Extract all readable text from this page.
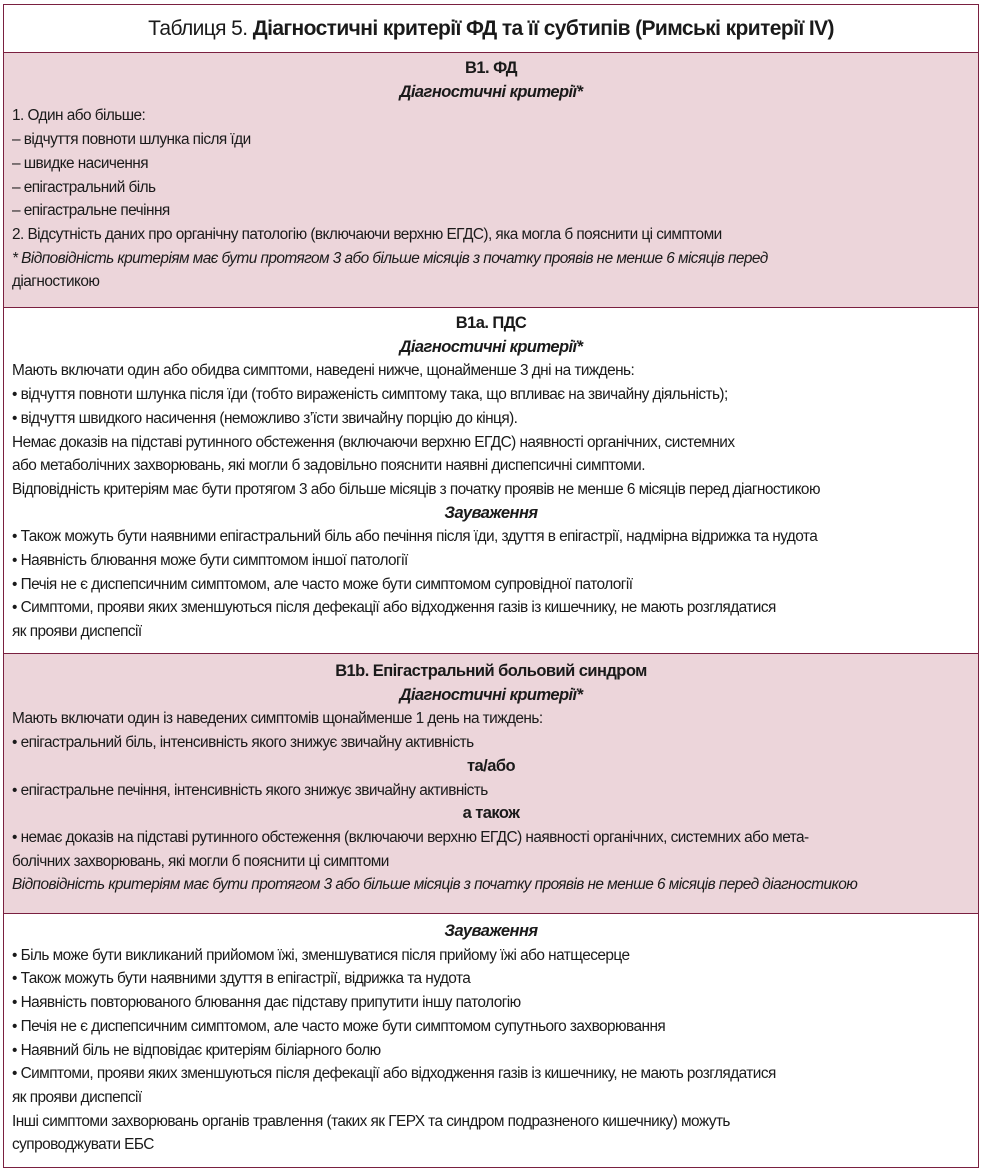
Таблиця 5.
Діагностичні критерії ФД та її субтипів (Римські критерії IV)
В1. ФД
Діагностичні критерії*
1. Один або більше:
– відчуття повноти шлунка після їди
– швидке насичення
– епігастральний біль
– епігастральне печіння
2. Відсутність даних про органічну патологію (включаючи верхню ЕГДС), яка могла б пояснити ці симптоми
* Відповідність критеріям має бути протягом 3 або більше місяців з початку проявів не менше 6 місяців перед
діагностикою
В1a. ПДС
Діагностичні критерії*
Мають включати один або обидва симптоми, наведені нижче, щонайменше 3 дні на тиждень:
• відчуття повноти шлунка після їди (тобто вираженість симптому така, що впливає на звичайну діяльність);
• відчуття швидкого насичення (неможливо з’їсти звичайну порцію до кінця).
Немає доказів на підставі рутинного обстеження (включаючи верхню ЕГДС) наявності органічних, системних
або метаболічних захворювань, які могли б задовільно пояснити наявні диспепсичні симптоми.
Відповідність критеріям має бути протягом 3 або більше місяців з початку проявів не менше 6 місяців перед діагностикою
Зауваження
• Також можуть бути наявними епігастральний біль або печіння після їди, здуття в епігастрії, надмірна відрижка та нудота
• Наявність блювання може бути симптомом іншої патології
• Печія не є диспепсичним симптомом, але часто може бути симптомом супровідної патології
• Симптоми, прояви яких зменшуються після дефекації або відходження газів із кишечнику, не мають розглядатися
як прояви диспепсії
В1b. Епігастральний больовий синдром
Діагностичні критерії*
Мають включати один із наведених симптомів щонайменше 1 день на тиждень:
• епігастральний біль, інтенсивність якого знижує звичайну активність
та/або
• епігастральне печіння, інтенсивність якого знижує звичайну активність
а також
• немає доказів на підставі рутинного обстеження (включаючи верхню ЕГДС) наявності органічних, системних або мета-
болічних захворювань, які могли б пояснити ці симптоми
Відповідність критеріям має бути протягом 3 або більше місяців з початку проявів не менше 6 місяців перед діагностикою
Зауваження
• Біль може бути викликаний прийомом їжі, зменшуватися після прийому їжі або натщесерце
• Також можуть бути наявними здуття в епігастрії, відрижка та нудота
• Наявність повторюваного блювання дає підставу припутити іншу патологію
• Печія не є диспепсичним симптомом, але часто може бути симптомом супутнього захворювання
• Наявний біль не відповідає критеріям біліарного болю
• Симптоми, прояви яких зменшуються після дефекації або відходження газів із кишечнику, не мають розглядатися
як прояви диспепсії
Інші симптоми захворювань органів травлення (таких як ГЕРХ та синдром подразненого кишечнику) можуть
супроводжувати ЕБС
